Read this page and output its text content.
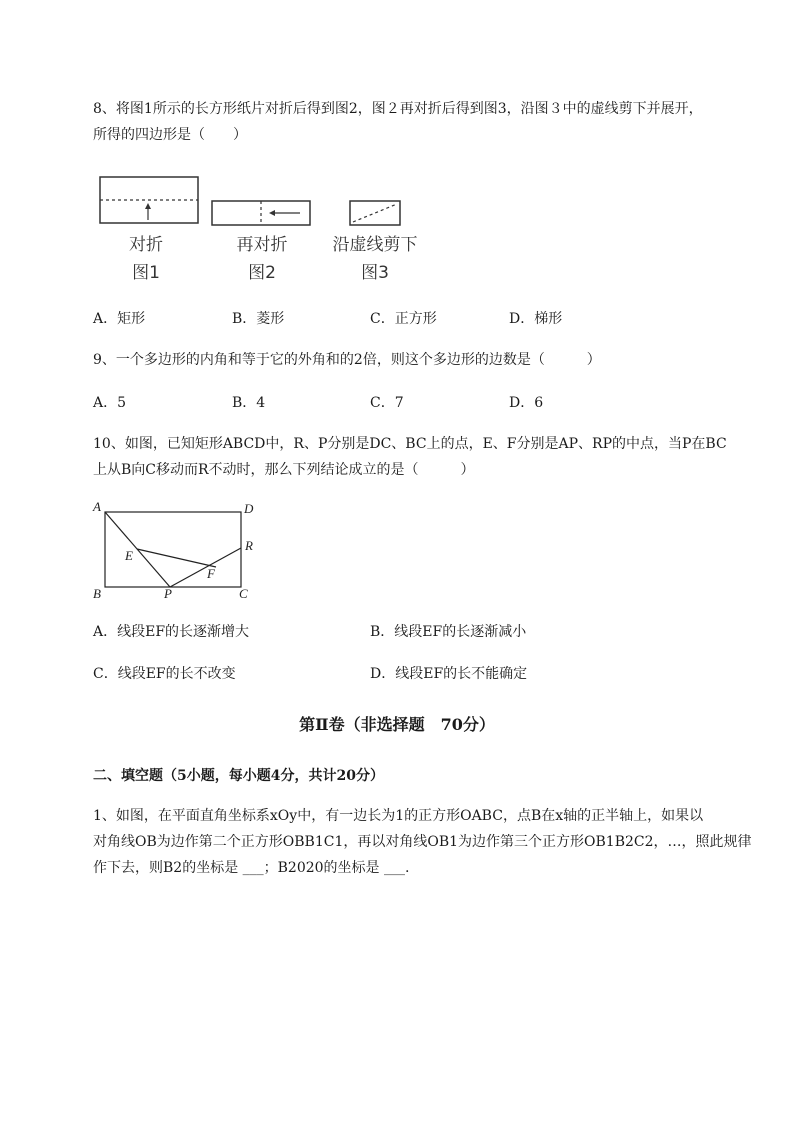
8、将图1所示的长方形纸片对折后得到图2，图２再对折后得到图3，沿图３中的虚线剪下并展开，
所得的四边形是（　　）
对折
图1
再对折
图2
沿虚线剪下
图3
A．矩形	B．菱形	C．正方形	D．梯形
9、一个多边形的内角和等于它的外角和的2倍，则这个多边形的边数是（　　　）
A．5	B．4	C．7	D．6
10、如图，已知矩形ABCD中，R、P分别是DC、BC上的点，E、F分别是AP、RP的中点，当P在BC
上从B向C移动而R不动时，那么下列结论成立的是（　　　）
A	D
B	C
E
F
P
R
A．线段EF的长逐渐增大	B．线段EF的长逐渐减小
C．线段EF的长不改变	D．线段EF的长不能确定
第Ⅱ卷（非选择题　70分）
二、填空题（5小题，每小题4分，共计20分）
1、如图，在平面直角坐标系xOy中，有一边长为1的正方形OABC，点B在x轴的正半轴上，如果以
对角线OB为边作第二个正方形OBB1C1，再以对角线OB1为边作第三个正方形OB1B2C2，…，照此规律
作下去，则B2的坐标是 ___；B2020的坐标是 ___.
